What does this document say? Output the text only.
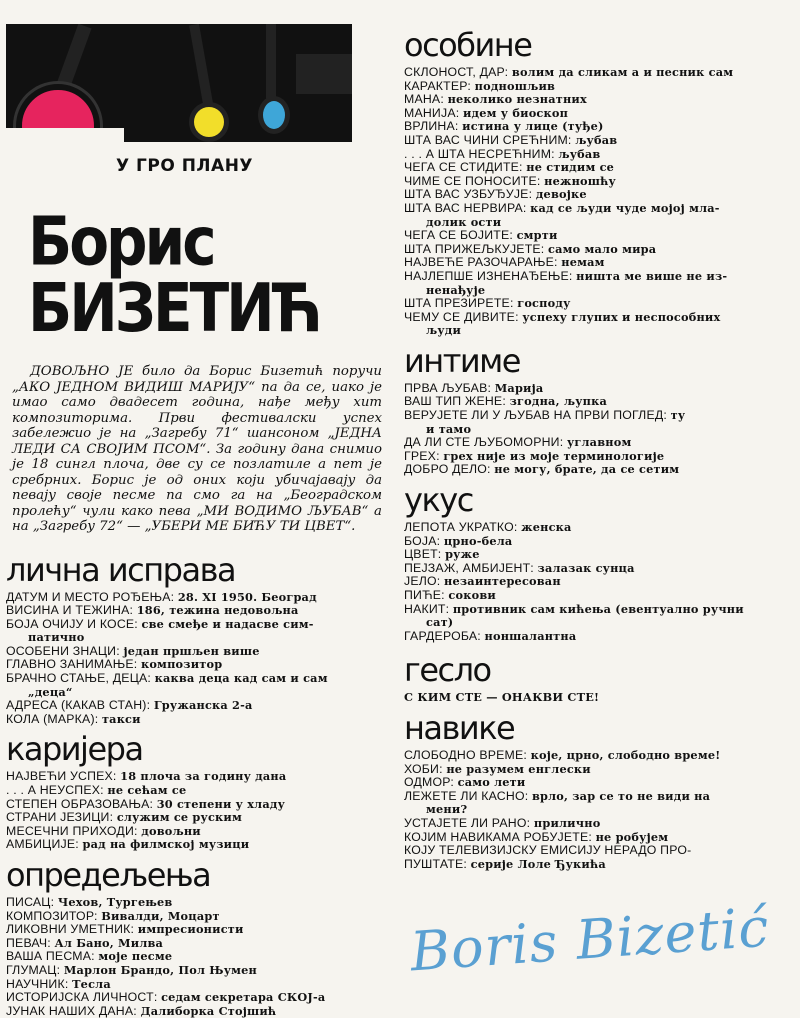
У ГРО ПЛАНУ
Борис БИЗЕТИЋ
ДОВОЉНО ЈЕ било да Борис Бизетић поручи „АКО ЈЕДНОМ ВИДИШ МАРИЈУ“ па да се, иако је имао само двадесет година, нађе међу хит композиторима. Први фестивалски успех забележио је на „Загребу 71“ шансоном „ЈЕДНА ЛЕДИ СА СВОЈИМ ПСОМ“. За годину дана снимио је 18 сингл плоча, две су се позлатиле а пет је сребрних. Борис је од оних који убичајавају да певају своје песме па смо га на „Београдском пролећу“ чули како пева „МИ ВОДИМО ЉУБАВ“ а на „Загребу 72“ — „УБЕРИ МЕ БИЋУ ТИ ЦВЕТ“.
лична исправа
ДАТУМ И МЕСТО РОЂЕЊА: 28. XI 1950. Београд
ВИСИНА И ТЕЖИНА: 186, тежина недовољна
БОЈА ОЧИЈУ И КОСЕ: све смеђе и надасве сим-
патично
ОСОБЕНИ ЗНАЦИ: један пршљен више
ГЛАВНО ЗАНИМАЊЕ: композитор
БРАЧНО СТАЊЕ, ДЕЦА: каква деца кад сам и сам
„деца“
АДРЕСА (КАКАВ СТАН): Гружанска 2-а
КОЛА (МАРКА): такси
каријера
НАЈВЕЋИ УСПЕХ: 18 плоча за годину дана
. . . А НЕУСПЕХ: не сећам се
СТЕПЕН ОБРАЗОВАЊА: 30 степени у хладу
СТРАНИ ЈЕЗИЦИ: служим се руским
МЕСЕЧНИ ПРИХОДИ: довољни
АМБИЦИЈЕ: рад на филмској музици
опредељења
ПИСАЦ: Чехов, Тургењев
КОМПОЗИТОР: Вивалди, Моцарт
ЛИКОВНИ УМЕТНИК: импресионисти
ПЕВАЧ: Ал Бано, Милва
ВАША ПЕСМА: моје песме
ГЛУМАЦ: Марлон Брандо, Пол Њумен
НАУЧНИК: Тесла
ИСТОРИЈСКА ЛИЧНОСТ: седам секретара СКОЈ-а
ЈУНАК НАШИХ ДАНА: Далиборка Стојшић
особине
СКЛОНОСТ, ДАР: волим да сликам а и песник сам
КАРАКТЕР: подношљив
МАНА: неколико незнатних
МАНИЈА: идем у биоскоп
ВРЛИНА: истина у лице (туђе)
ШТА ВАС ЧИНИ СРЕЋНИМ: љубав
. . . А ШТА НЕСРЕЋНИМ: љубав
ЧЕГА СЕ СТИДИТЕ: не стидим се
ЧИМЕ СЕ ПОНОСИТЕ: нежношћу
ШТА ВАС УЗБУЂУЈЕ: девојке
ШТА ВАС НЕРВИРА: кад се људи чуде мојој мла-
долик ости
ЧЕГА СЕ БОЈИТЕ: смрти
ШТА ПРИЖЕЉКУЈЕТЕ: само мало мира
НАЈВЕЋЕ РАЗОЧАРАЊЕ: немам
НАЈЛЕПШЕ ИЗНЕНАЂЕЊЕ: ништа ме више не из-
ненађује
ШТА ПРЕЗИРЕТЕ: господу
ЧЕМУ СЕ ДИВИТЕ: успеху глупих и неспособних
људи
интиме
ПРВА ЉУБАВ: Марија
ВАШ ТИП ЖЕНЕ: згодна, љупка
ВЕРУЈЕТЕ ЛИ У ЉУБАВ НА ПРВИ ПОГЛЕД: ту
и тамо
ДА ЛИ СТЕ ЉУБОМОРНИ: углавном
ГРЕХ: грех није из моје терминологије
ДОБРО ДЕЛО: не могу, брате, да се сетим
укус
ЛЕПОТА УКРАТКО: женска
БОЈА: црно-бела
ЦВЕТ: руже
ПЕЈЗАЖ, АМБИЈЕНТ: залазак сунца
ЈЕЛО: незаинтересован
ПИЋЕ: сокови
НАКИТ: противник сам кићења (евентуално ручни
сат)
ГАРДЕРОБА: ноншалантна
гесло
С КИМ СТЕ — ОНАКВИ СТЕ!
навике
СЛОБОДНО ВРЕМЕ: које, црно, слободно време!
ХОБИ: не разумем енглески
ОДМОР: само лети
ЛЕЖЕТЕ ЛИ КАСНО: врло, зар се то не види на
мени?
УСТАЈЕТЕ ЛИ РАНО: прилично
КОЈИМ НАВИКАМА РОБУЈЕТЕ: не робујем
КОЈУ ТЕЛЕВИЗИЈСКУ ЕМИСИЈУ НЕРАДО ПРО-
ПУШТАТЕ: серије Лоле Ђукића
Boris Bizetić
